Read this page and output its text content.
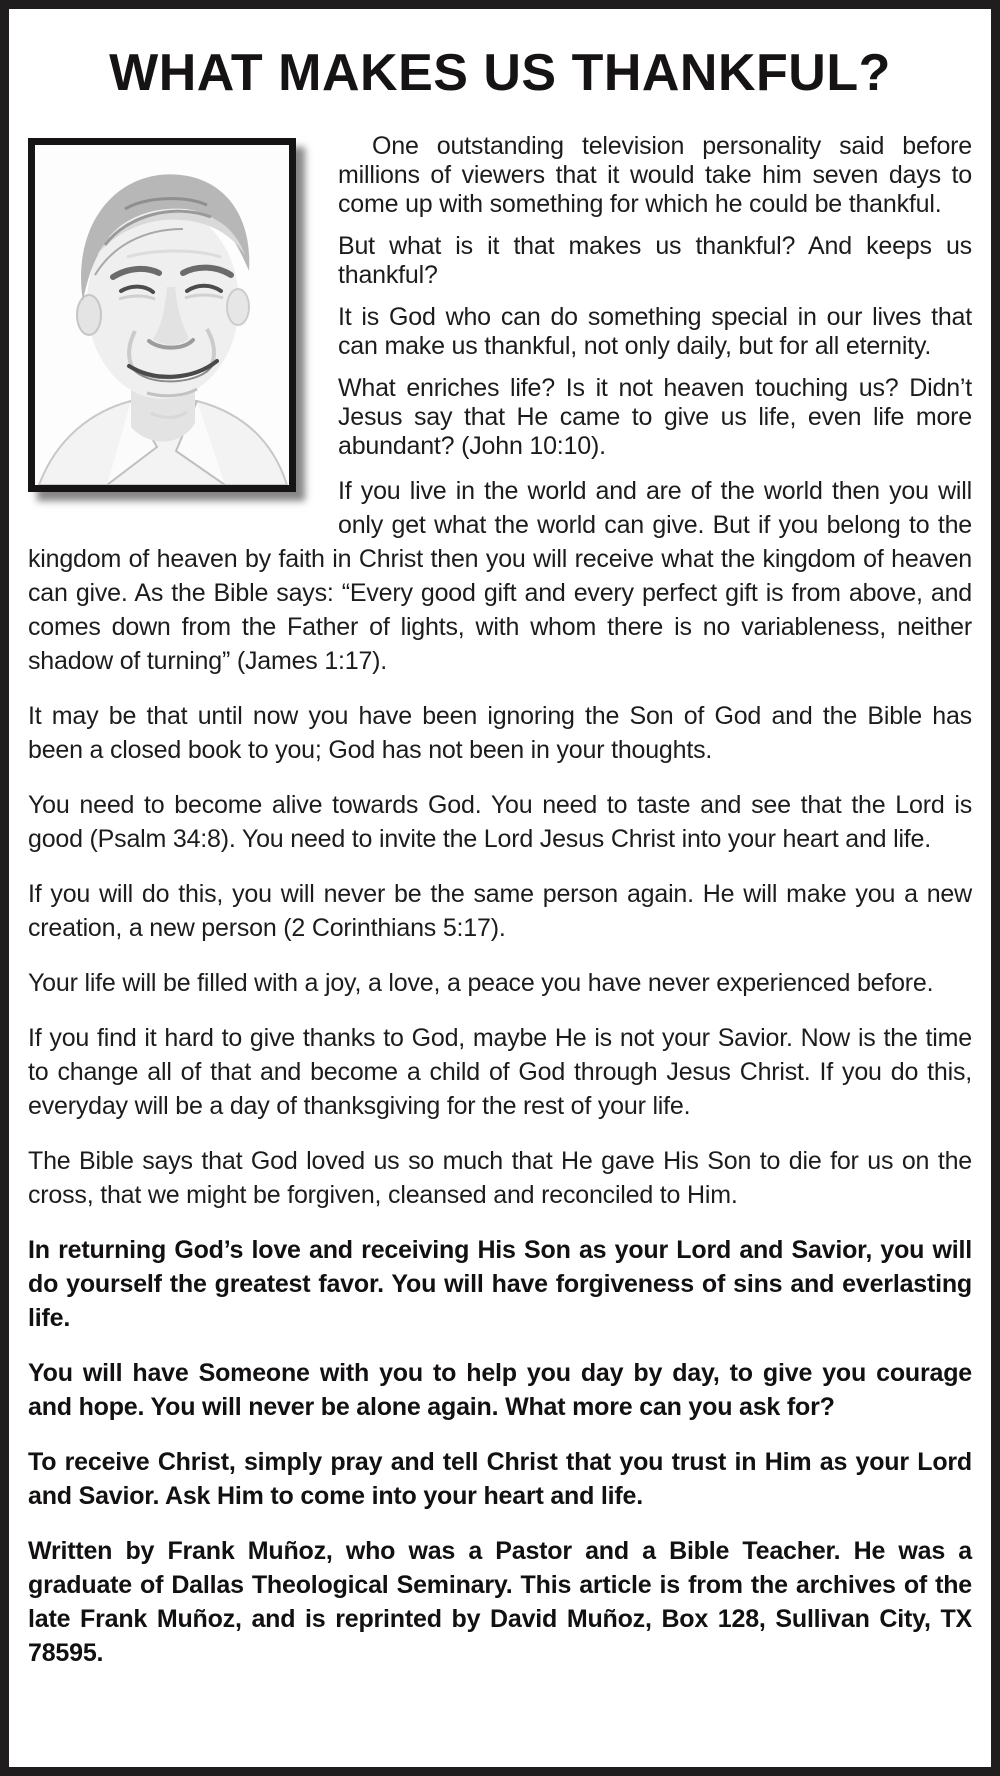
WHAT MAKES US THANKFUL?

One outstanding television personality said before millions of viewers that it would take him seven days to come up with something for which he could be thankful.

But what is it that makes us thankful? And keeps us thankful?

It is God who can do something special in our lives that can make us thankful, not only daily, but for all eternity.

What enriches life? Is it not heaven touching us? Didn’t Jesus say that He came to give us life, even life more abundant? (John 10:10).

If you live in the world and are of the world then you will only get what the world can give. But if you belong to the kingdom of heaven by faith in Christ then you will receive what the kingdom of heaven can give. As the Bible says: “Every good gift and every perfect gift is from above, and comes down from the Father of lights, with whom there is no variableness, neither shadow of turning” (James 1:17).

It may be that until now you have been ignoring the Son of God and the Bible has been a closed book to you; God has not been in your thoughts.

You need to become alive towards God. You need to taste and see that the Lord is good (Psalm 34:8). You need to invite the Lord Jesus Christ into your heart and life.

If you will do this, you will never be the same person again. He will make you a new creation, a new person (2 Corinthians 5:17).

Your life will be filled with a joy, a love, a peace you have never experienced before.

If you find it hard to give thanks to God, maybe He is not your Savior. Now is the time to change all of that and become a child of God through Jesus Christ. If you do this, everyday will be a day of thanksgiving for the rest of your life.

The Bible says that God loved us so much that He gave His Son to die for us on the cross, that we might be forgiven, cleansed and reconciled to Him.

In returning God’s love and receiving His Son as your Lord and Savior, you will do yourself the greatest favor. You will have forgiveness of sins and everlasting life.

You will have Someone with you to help you day by day, to give you courage and hope. You will never be alone again. What more can you ask for?

To receive Christ, simply pray and tell Christ that you trust in Him as your Lord and Savior. Ask Him to come into your heart and life.

Written by Frank Muñoz, who was a Pastor and a Bible Teacher. He was a graduate of Dallas Theological Seminary. This article is from the archives of the late Frank Muñoz, and is reprinted by David Muñoz, Box 128, Sullivan City, TX 78595.
